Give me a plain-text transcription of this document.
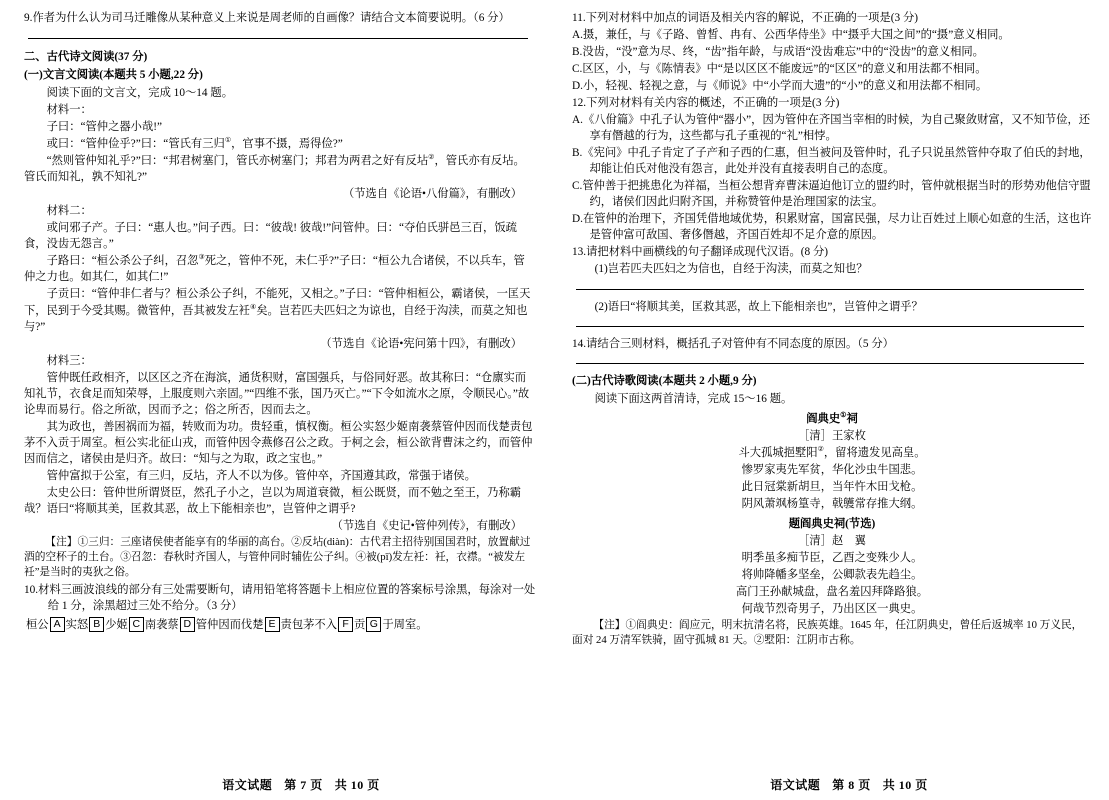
9.作者为什么认为司马迁雕像从某种意义上来说是周老师的自画像？请结合文本简要说明。（6 分）

二、古代诗文阅读(37 分)

(一)文言文阅读(本题共 5 小题,22 分)

阅读下面的文言文，完成 10～14 题。

材料一：

子曰：“管仲之器小哉!”

或曰：“管仲俭乎?”曰：“管氏有三归①，官事不摄，焉得俭?”

“然则管仲知礼乎?”曰：“邦君树塞门，管氏亦树塞门；邦君为两君之好有反坫②，管氏亦有反坫。管氏而知礼，孰不知礼?”

（节选自《论语•八佾篇》，有删改）

材料二：

或问邪子产。子曰：“惠人也。”问子西。曰：“彼哉! 彼哉!”问管仲。曰：“夺伯氏骈邑三百，饭疏食，没齿无怨言。”

子路曰：“桓公杀公子纠，召忽③死之，管仲不死，未仁乎?”子曰：“桓公九合诸侯，不以兵车，管仲之力也。如其仁，如其仁!”

子贡曰：“管仲非仁者与？桓公杀公子纠，不能死，又相之。”子曰：“管仲相桓公，霸诸侯，一匡天下，民到于今受其赐。微管仲，吾其被发左衽④矣。岂若匹夫匹妇之为谅也，自经于沟渎，而莫之知也与?”

（节选自《论语•宪问第十四》，有删改）

材料三：

管仲既任政相齐，以区区之齐在海滨，通货积财，富国强兵，与俗同好恶。故其称曰：“仓廪实而知礼节，衣食足而知荣辱，上服度则六亲固。”“四维不张，国乃灭亡。”“下令如流水之原，令顺民心。”故论卑而易行。俗之所欲，因而予之；俗之所否，因而去之。

其为政也，善困祸而为福，转败而为功。贵轻重，慎权衡。桓公实怒少姬南袭蔡管仲因而伐楚责包茅不入贡于周室。桓公实北征山戎，而管仲因令燕修召公之政。于柯之会，桓公欲背曹沫之约，而管仲因而信之，诸侯由是归齐。故曰：“知与之为取，政之宝也。”

管仲富拟于公室，有三归，反坫，齐人不以为侈。管仲卒，齐国遵其政，常强于诸侯。

太史公曰：管仲世所谓贤臣，然孔子小之，岂以为周道衰微，桓公既贤，而不勉之至王，乃称霸哉？语曰“将顺其美，匡救其恶，故上下能相亲也”，岂管仲之谓乎?

（节选自《史记•管仲列传》，有删改）

【注】①三归：三座诸侯使者能享有的华丽的高台。②反坫(diàn)：古代君主招待别国国君时，放置献过酒的空杯子的土台。③召忽：春秋时齐国人，与管仲同时辅佐公子纠。④被(pī)发左衽：衽，衣襟。“被发左衽”是当时的夷狄之俗。

10.材料三画波浪线的部分有三处需要断句，请用铅笔将答题卡上相应位置的答案标号涂黑，每涂对一处给 1 分，涂黑超过三处不给分。（3 分）

桓公 A 实怒 B 少姬 C 南袭蔡 D 管仲因而伐楚 E 责包茅不入 F 贡 G 于周室。
语文试题 第 7 页 共 10 页

11.下列对材料中加点的词语及相关内容的解说，不正确的一项是(3 分)

A.摄，兼任，与《子路、曾皙、冉有、公西华侍坐》中“摄乎大国之间”的“摄”意义相同。

B.没齿，“没”意为尽、终，“齿”指年龄，与成语“没齿难忘”中的“没齿”的意义相同。

C.区区，小，与《陈情表》中“是以区区不能废远”的“区区”的意义和用法都不相同。

D.小，轻视、轻视之意，与《师说》中“小学而大遗”的“小”的意义和用法都不相同。

12.下列对材料有关内容的概述，不正确的一项是(3 分)

A.《八佾篇》中孔子认为管仲“器小”，因为管仲在齐国当宰相的时候，为自己聚敛财富，又不知节俭，还享有僭越的行为，这些都与孔子重视的“礼”相悖。

B.《宪问》中孔子肯定了子产和子西的仁惠，但当被问及管仲时，孔子只说虽然管仲夺取了伯氏的封地，却能让伯氏对他没有怨言，此处并没有直接表明自己的态度。

C.管仲善于把挑患化为祥福，当桓公想背弃曹沫逼迫他订立的盟约时，管仲就根据当时的形势劝他信守盟约，诸侯们因此归附齐国，并称赞管仲是治理国家的法宝。

D.在管仲的治理下，齐国凭借地域优势，积累财富，国富民强，尽力让百姓过上顺心如意的生活，这也许是管仲富可敌国、奢侈僭越，齐国百姓却不足介意的原因。

13.请把材料中画横线的句子翻译成现代汉语。(8 分)

(1)岂若匹夫匹妇之为信也，自经于沟渎，而莫之知也？

(2)语曰“将顺其美，匡救其恶，故上下能相亲也”，岂管仲之谓乎？

14.请结合三则材料，概括孔子对管仲有不同态度的原因。（5 分）

(二)古代诗歌阅读(本题共 2 小题,9 分)

阅读下面这两首清诗，完成 15～16 题。

阎典史①祠

［清］王家枚

斗大孤城挹墅阳②，留将遗发见高皇。

惨罗家夷先军贫，华化沙虫牛国悲。

此日冠棠新胡旦，当年忤木田戈枪。

阴风萧飒杨篁寺，戟鹱常存推大纲。

题阎典史祠(节选)

［清］赵　翼

明季虽多痴节臣，乙酉之变殊少人。

将帅降幡多坚垒，公卿款表先趋尘。

高门王孙献城盘，盘名羞囚拜降路狼。

何哉节烈奇男子，乃出区区一典史。

【注】①阎典史：阎应元，明末抗清名将，民族英雄。1645 年，任江阴典史，曾任后返城率 10 万义民，面对 24 万清军铁骑，固守孤城 81 天。②墅阳：江阴市古称。

语文试题 第 8 页 共 10 页
